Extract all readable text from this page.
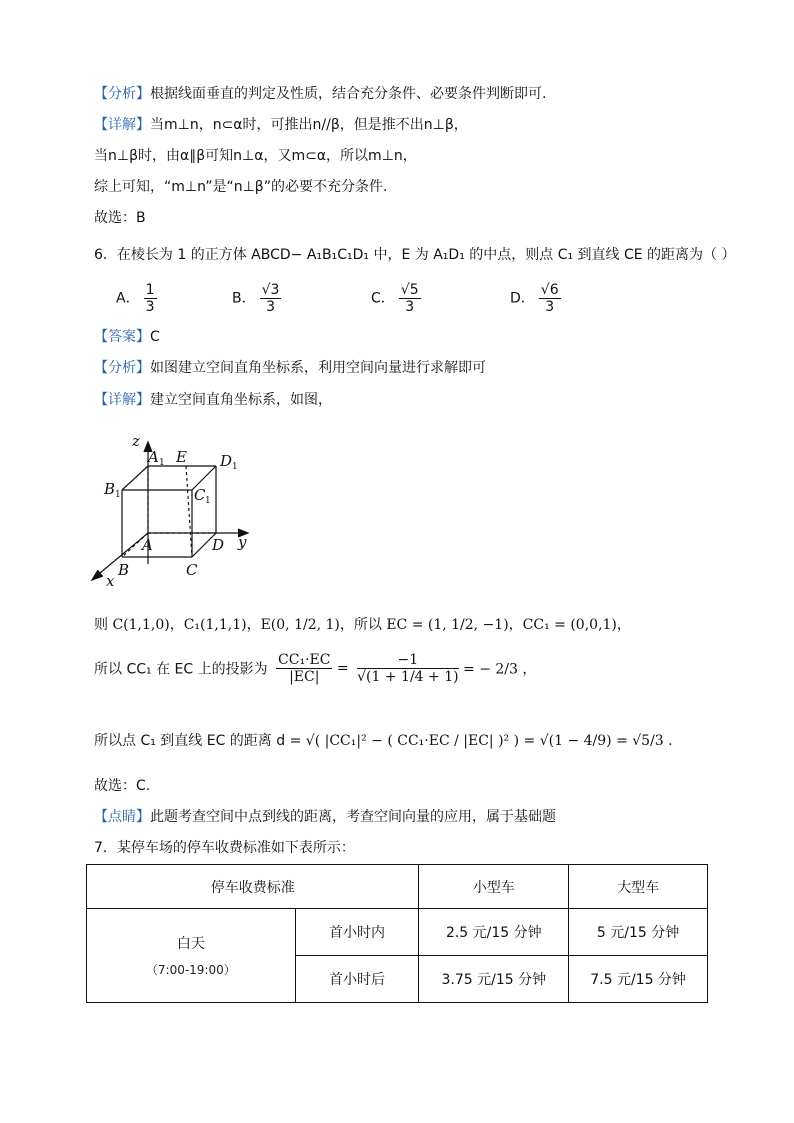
【分析】根据线面垂直的判定及性质，结合充分条件、必要条件判断即可.
【详解】当m⊥n，n⊂α时，可推出n//β，但是推不出n⊥β，
当n⊥β时，由α∥β可知n⊥α，又m⊂α，所以m⊥n，
综上可知，“m⊥n”是“n⊥β”的必要不充分条件.
故选：B
6．在棱长为 1 的正方体 ABCD− A₁B₁C₁D₁ 中，E 为 A₁D₁ 的中点，则点 C₁ 到直线 CE 的距离为（ ）
A． $\frac{1}{3}$	B． $\frac{√3}{3}$	C． $\frac{√5}{3}$	D． $\frac{√6}{3}$
【答案】C
【分析】如图建立空间直角坐标系，利用空间向量进行求解即可
【详解】建立空间直角坐标系，如图，
z
y
x
A E D
B	C
A	D
B	C
1	1
1
1
则 C(1,1,0)，C₁(1,1,1)，E(0, 1/2, 1)，所以 EC = (1, 1/2, −1)，CC₁ = (0,0,1)，
所以 CC₁ 在 EC 上的投影为 $\frac{\text{CC₁·EC}}{|EC|} = \frac{-1}{√(1 + 1/4 + 1)}$ = − 2/3 ，
所以点 C₁ 到直线 EC 的距离 d = √( |CC₁|² − ( CC₁·EC / |EC| )² ) = √(1 − 4/9) = √5/3 .
故选：C.
【点睛】此题考查空间中点到线的距离，考查空间向量的应用，属于基础题
7．某停车场的停车收费标准如下表所示：
停车收费标准		小型车	大型车

白天
（7:00-19:00）	首小时内	2.5 元/15 分钟	5 元/15 分钟
	首小时后	3.75 元/15 分钟	7.5 元/15 分钟
